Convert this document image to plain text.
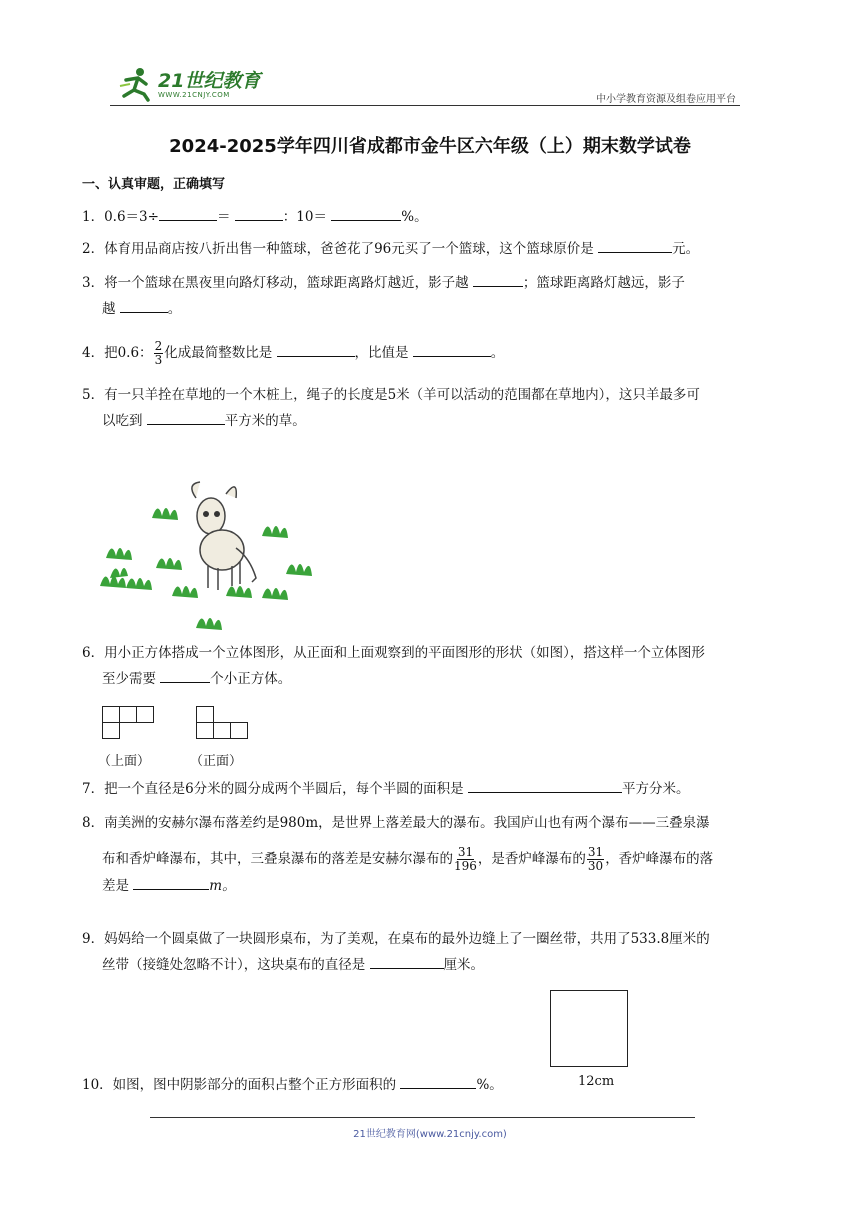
21世纪教育
WWW.21CNJY.COM	中小学教育资源及组卷应用平台
2024-2025学年四川省成都市金牛区六年级（上）期末数学试卷
一、认真审题，正确填写
1．0.6＝3÷	＝	：10＝	%。
2．体育用品商店按八折出售一种篮球，爸爸花了96元买了一个篮球，这个篮球原价是	元。
3．将一个篮球在黑夜里向路灯移动，篮球距离路灯越近，影子越	；篮球距离路灯越远，影子
越	。
4．把0.6： $\frac{2}{3}$ 化成最简整数比是	，比值是	。
5．有一只羊拴在草地的一个木桩上，绳子的长度是5米（羊可以活动的范围都在草地内），这只羊最多可
以吃到	平方米的草。
6．用小正方体搭成一个立体图形，从正面和上面观察到的平面图形的形状（如图），搭这样一个立体图形
至少需要	个小正方体。
（上面）	（正面）
7．把一个直径是6分米的圆分成两个半圆后，每个半圆的面积是	平方分米。
8．南美洲的安赫尔瀑布落差约是980m，是世界上落差最大的瀑布。我国庐山也有两个瀑布——三叠泉瀑
布和香炉峰瀑布，其中，三叠泉瀑布的落差是安赫尔瀑布的 $\frac{31}{196}$ ，是香炉峰瀑布的 $\frac{31}{30}$ ，香炉峰瀑布的落
差是	m。
9．妈妈给一个圆桌做了一块圆形桌布，为了美观，在桌布的最外边缝上了一圈丝带，共用了533.8厘米的
丝带（接缝处忽略不计），这块桌布的直径是	厘米。
12cm
10．如图，图中阴影部分的面积占整个正方形面积的	%。
21世纪教育网(www.21cnjy.com)
